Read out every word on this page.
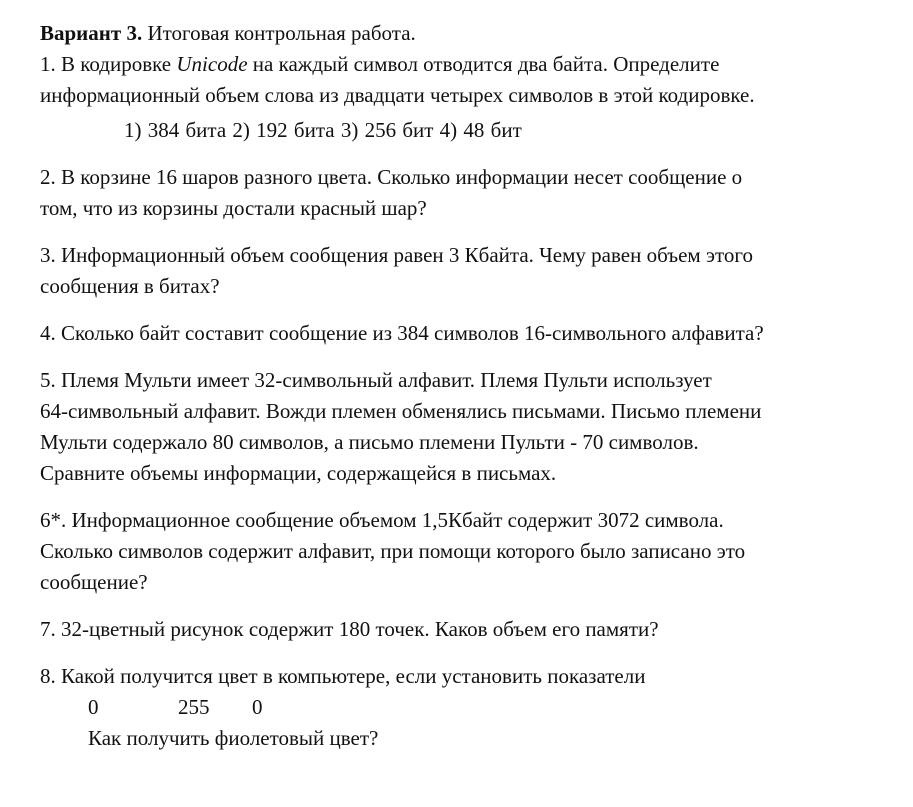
Вариант 3. Итоговая контрольная работа.
1. В кодировке Unicode на каждый символ отводится два байта. Определите
информационный объем слова из двадцати четырех символов в этой кодировке.
1) 384 бита 2) 192 бита 3) 256 бит 4) 48 бит
2. В корзине 16 шаров разного цвета. Сколько информации несет сообщение о
том, что из корзины достали красный шар?
3. Информационный объем сообщения равен 3 Кбайта. Чему равен объем этого
сообщения в битах?
4. Сколько байт составит сообщение из 384 символов 16-символьного алфавита?
5. Племя Мульти имеет 32-символьный алфавит. Племя Пульти использует
64-символьный алфавит. Вожди племен обменялись письмами. Письмо племени
Мульти содержало 80 символов, а письмо племени Пульти - 70 символов.
Сравните объемы информации, содержащейся в письмах.
6*. Информационное сообщение объемом 1,5Кбайт содержит 3072 символа.
Сколько символов содержит алфавит, при помощи которого было записано это
сообщение?
7. 32-цветный рисунок содержит 180 точек. Каков объем его памяти?
8. Какой получится цвет в компьютере, если установить показатели
0	255 0
Как получить фиолетовый цвет?
